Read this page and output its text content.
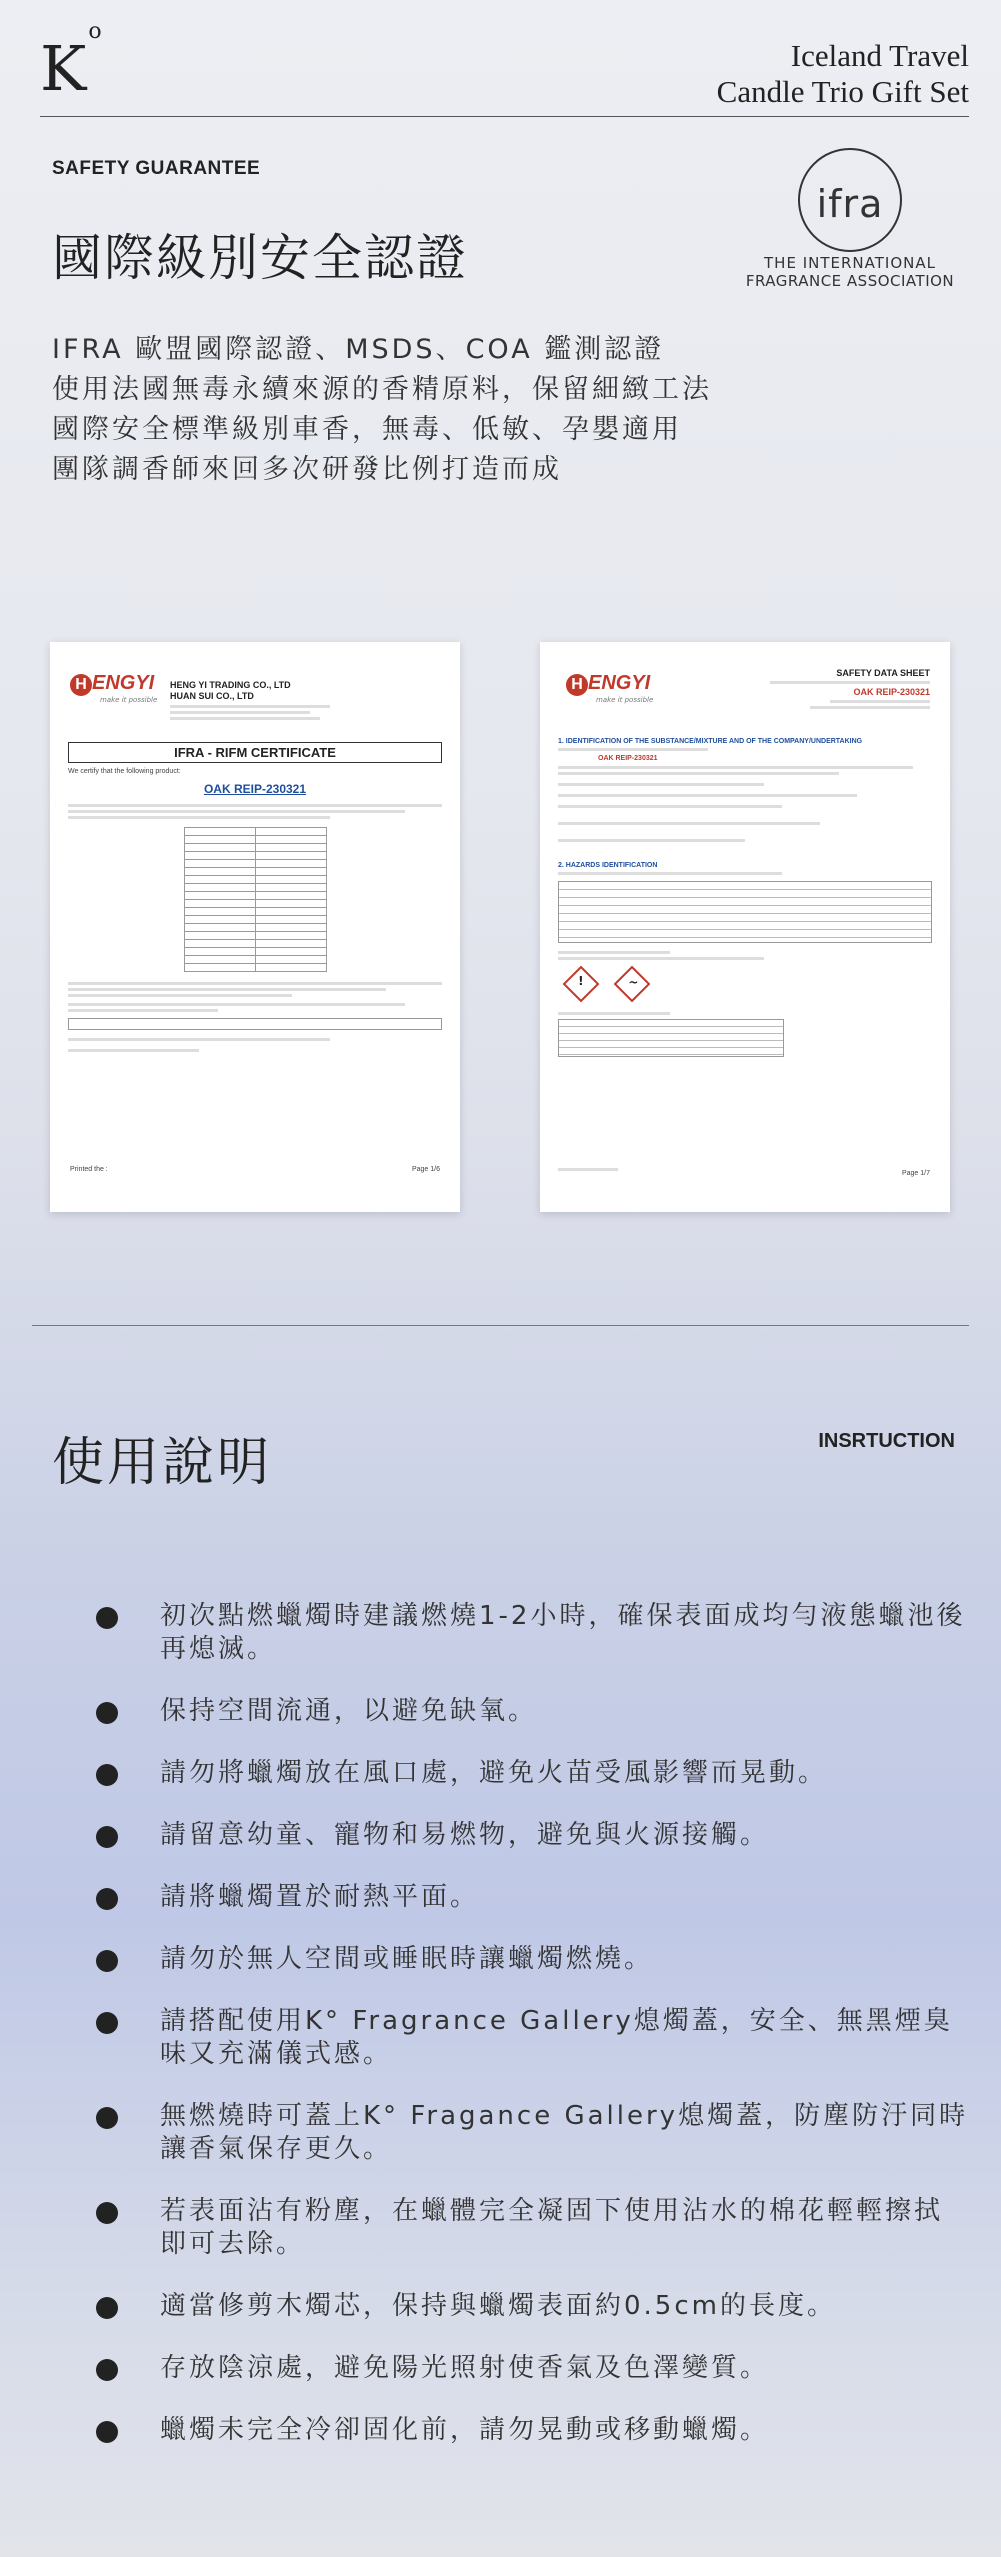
$K^o$
Iceland Travel
Candle Trio Gift Set
SAFETY GUARANTEE
國際級別安全認證
ifra
THE INTERNATIONAL
FRAGRANCE ASSOCIATION
IFRA 歐盟國際認證、MSDS、COA 鑑測認證
使用法國無毒永續來源的香精原料，保留細緻工法
國際安全標準級別車香，無毒、低敏、孕嬰適用
團隊調香師來回多次研發比例打造而成
H ENGYI
make it possible
HENG YI TRADING CO., LTD
HUAN SUI CO., LTD
IFRA - RIFM CERTIFICATE
We certify that the following product:
OAK REIP-230321

Printed the :	Page 1/6
H ENGYI
make it possible
SAFETY DATA SHEET
OAK REIP-230321
1. IDENTIFICATION OF THE SUBSTANCE/MIXTURE AND OF THE COMPANY/UNDERTAKING
OAK REIP-230321
2. HAZARDS IDENTIFICATION
!
	~
Page 1/7
使用說明	INSRTUCTION
初次點燃蠟燭時建議燃燒1-2小時，確保表面成均勻液態蠟池後再熄滅。
保持空間流通，以避免缺氧。
請勿將蠟燭放在風口處，避免火苗受風影響而晃動。
請留意幼童、寵物和易燃物，避免與火源接觸。
請將蠟燭置於耐熱平面。
請勿於無人空間或睡眠時讓蠟燭燃燒。
請搭配使用K° Fragrance Gallery熄燭蓋，安全、無黑煙臭味又充滿儀式感。
無燃燒時可蓋上K° Fragance Gallery熄燭蓋，防塵防汙同時讓香氣保存更久。
若表面沾有粉塵，在蠟體完全凝固下使用沾水的棉花輕輕擦拭即可去除。
適當修剪木燭芯，保持與蠟燭表面約0.5cm的長度。
存放陰涼處，避免陽光照射使香氣及色澤變質。
蠟燭未完全冷卻固化前，請勿晃動或移動蠟燭。
